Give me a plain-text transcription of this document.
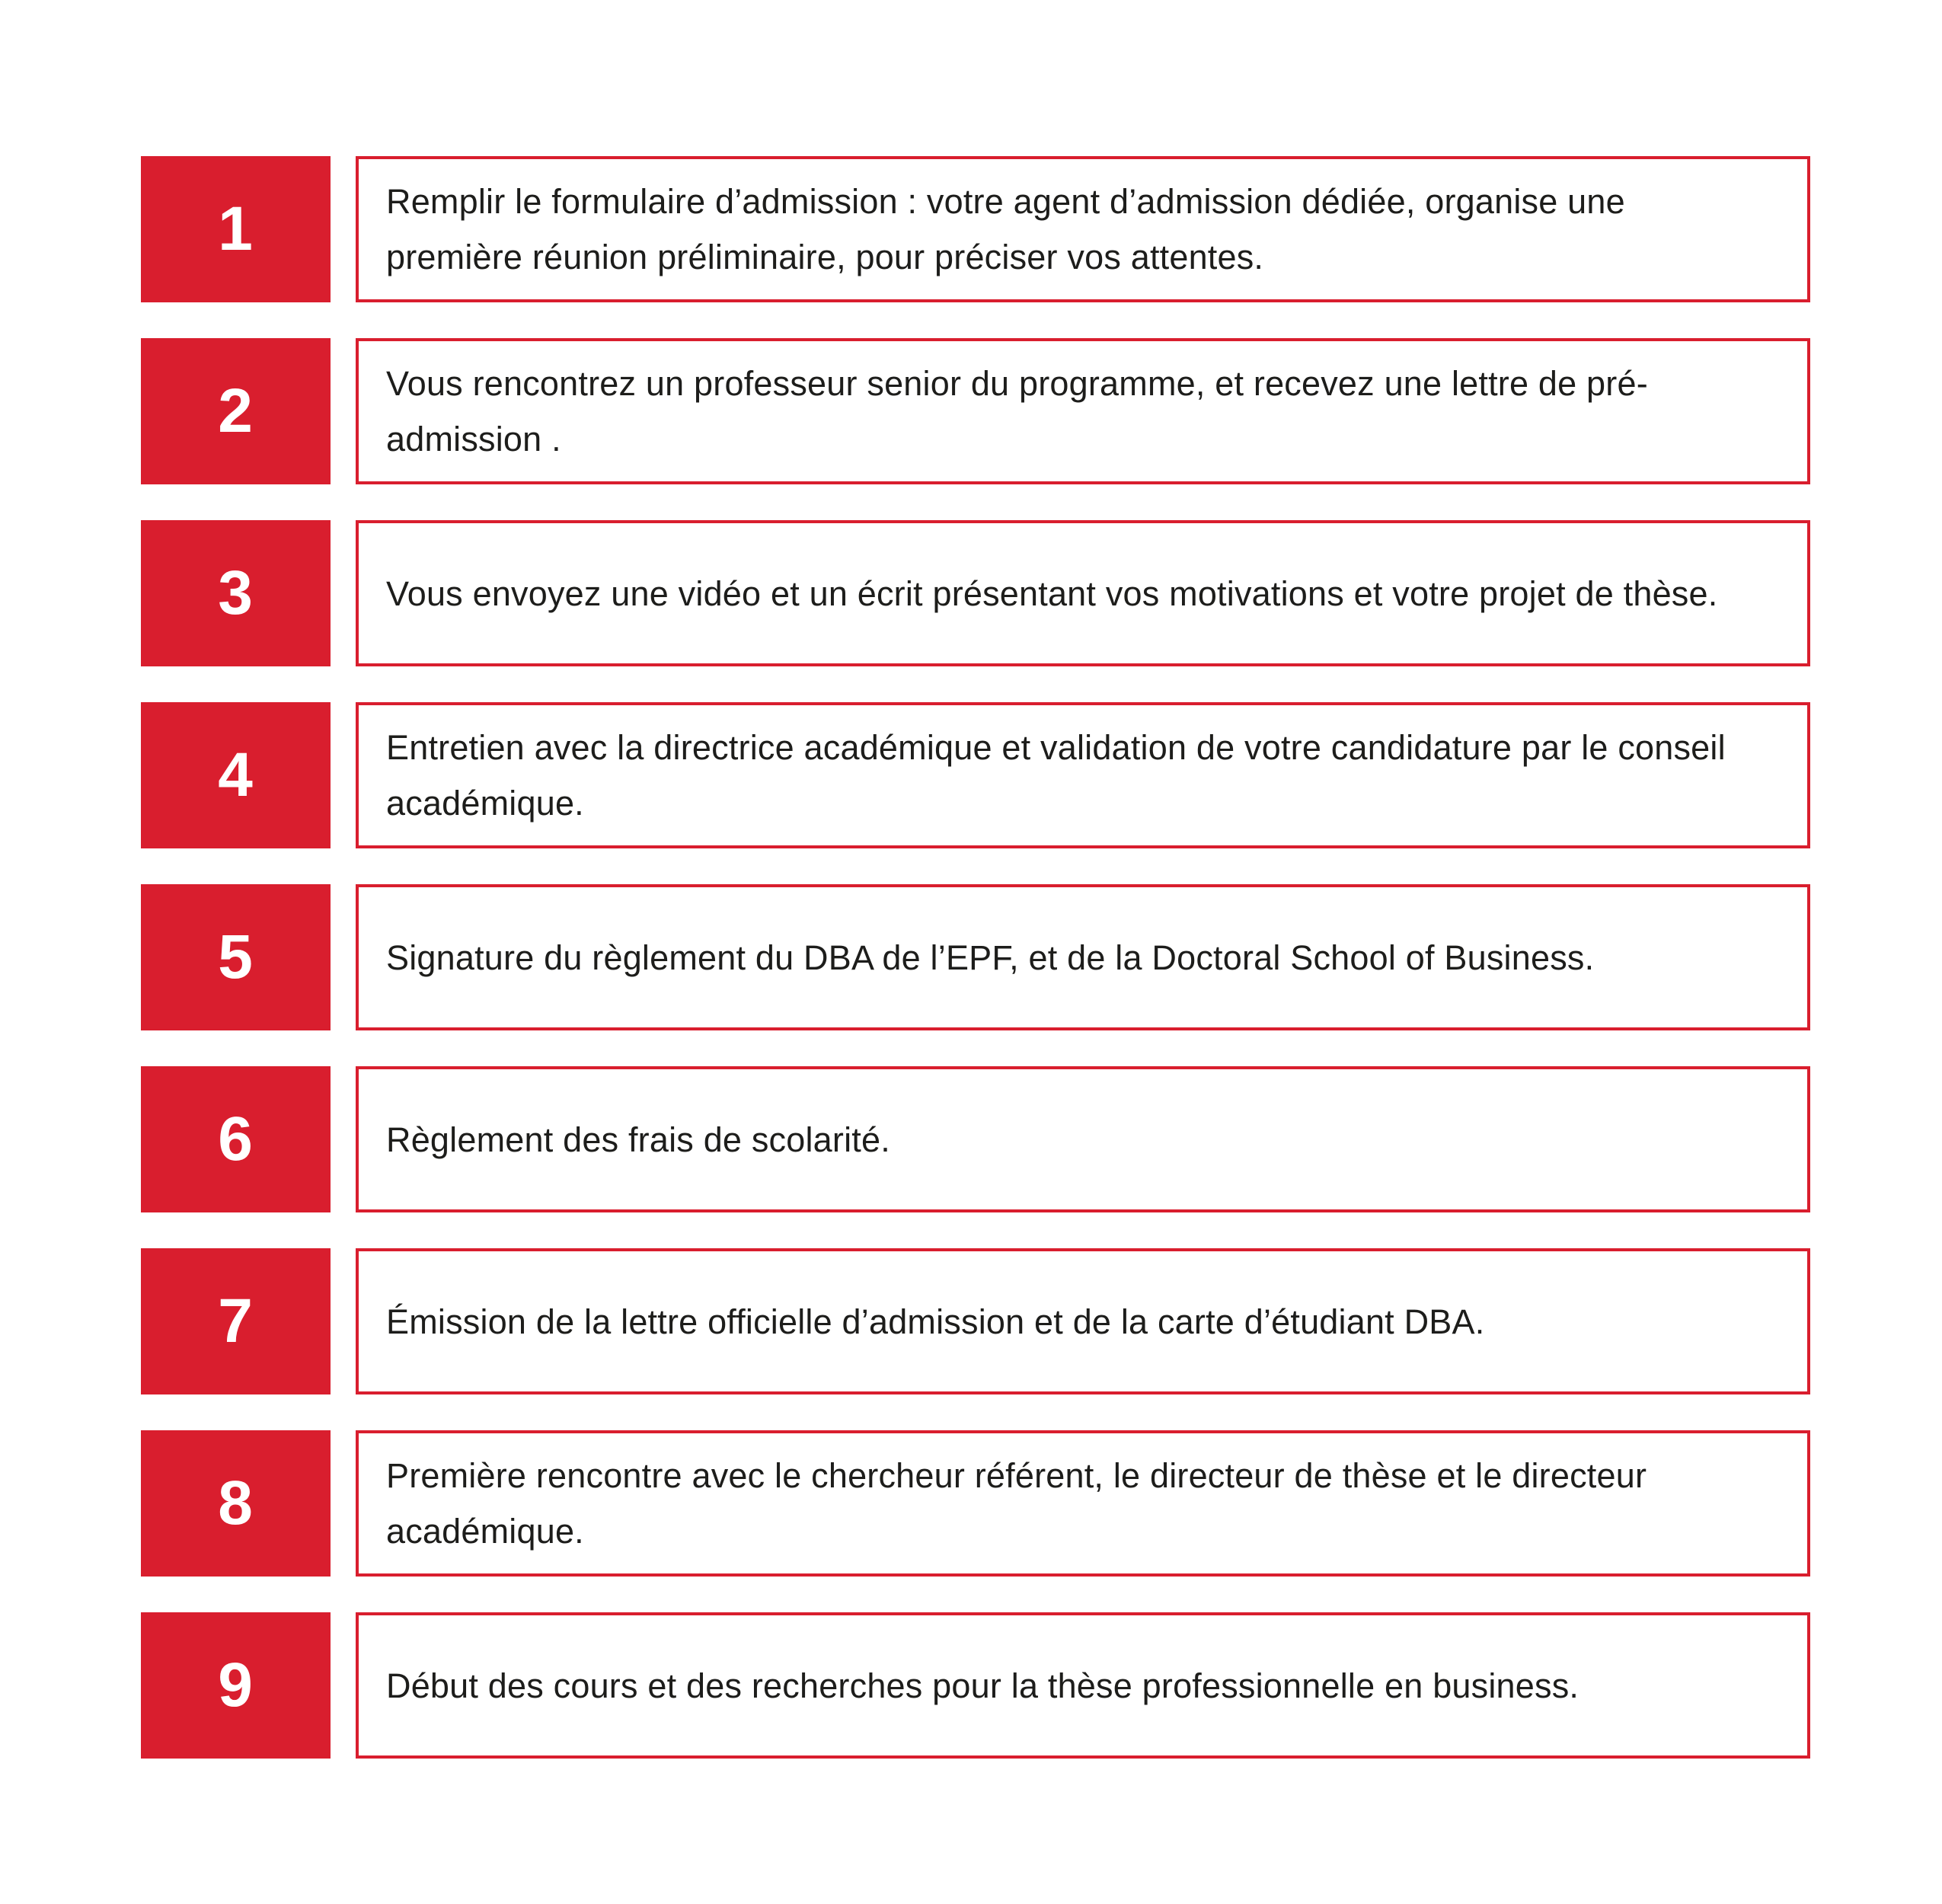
1	Remplir le formulaire d’admission : votre agent d’admission dédiée, organise une première réunion préliminaire, pour préciser vos attentes.

2	Vous rencontrez un professeur senior du programme, et recevez une lettre de pré-admission .

3	Vous envoyez une vidéo et un écrit présentant vos motivations et votre projet de thèse.

4	Entretien avec la directrice académique et validation de votre candidature par le conseil académique.

5	Signature du règlement du DBA de l’EPF, et de la Doctoral School of Business.

6	Règlement des frais de scolarité.

7	Émission de la lettre officielle d’admission et de la carte d’étudiant DBA.

8	Première rencontre avec le chercheur référent, le directeur de thèse et le directeur académique.

9	Début des cours et des recherches pour la thèse professionnelle en business.
